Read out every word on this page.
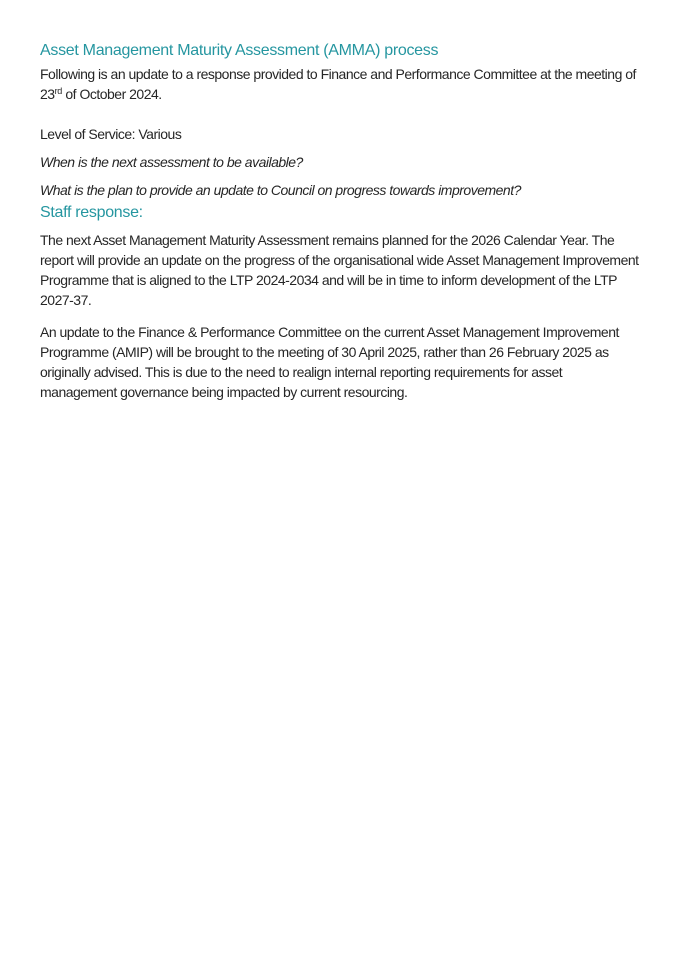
Asset Management Maturity Assessment (AMMA) process

Following is an update to a response provided to Finance and Performance Committee at the meeting of 23rd of October 2024.

Level of Service: Various

When is the next assessment to be available?

What is the plan to provide an update to Council on progress towards improvement?

Staff response:

The next Asset Management Maturity Assessment remains planned for the 2026 Calendar Year. The report will provide an update on the progress of the organisational wide Asset Management Improvement Programme that is aligned to the LTP 2024-2034 and will be in time to inform development of the LTP 2027-37.

An update to the Finance & Performance Committee on the current Asset Management Improvement Programme (AMIP) will be brought to the meeting of 30 April 2025, rather than 26 February 2025 as originally advised. This is due to the need to realign internal reporting requirements for asset management governance being impacted by current resourcing.
